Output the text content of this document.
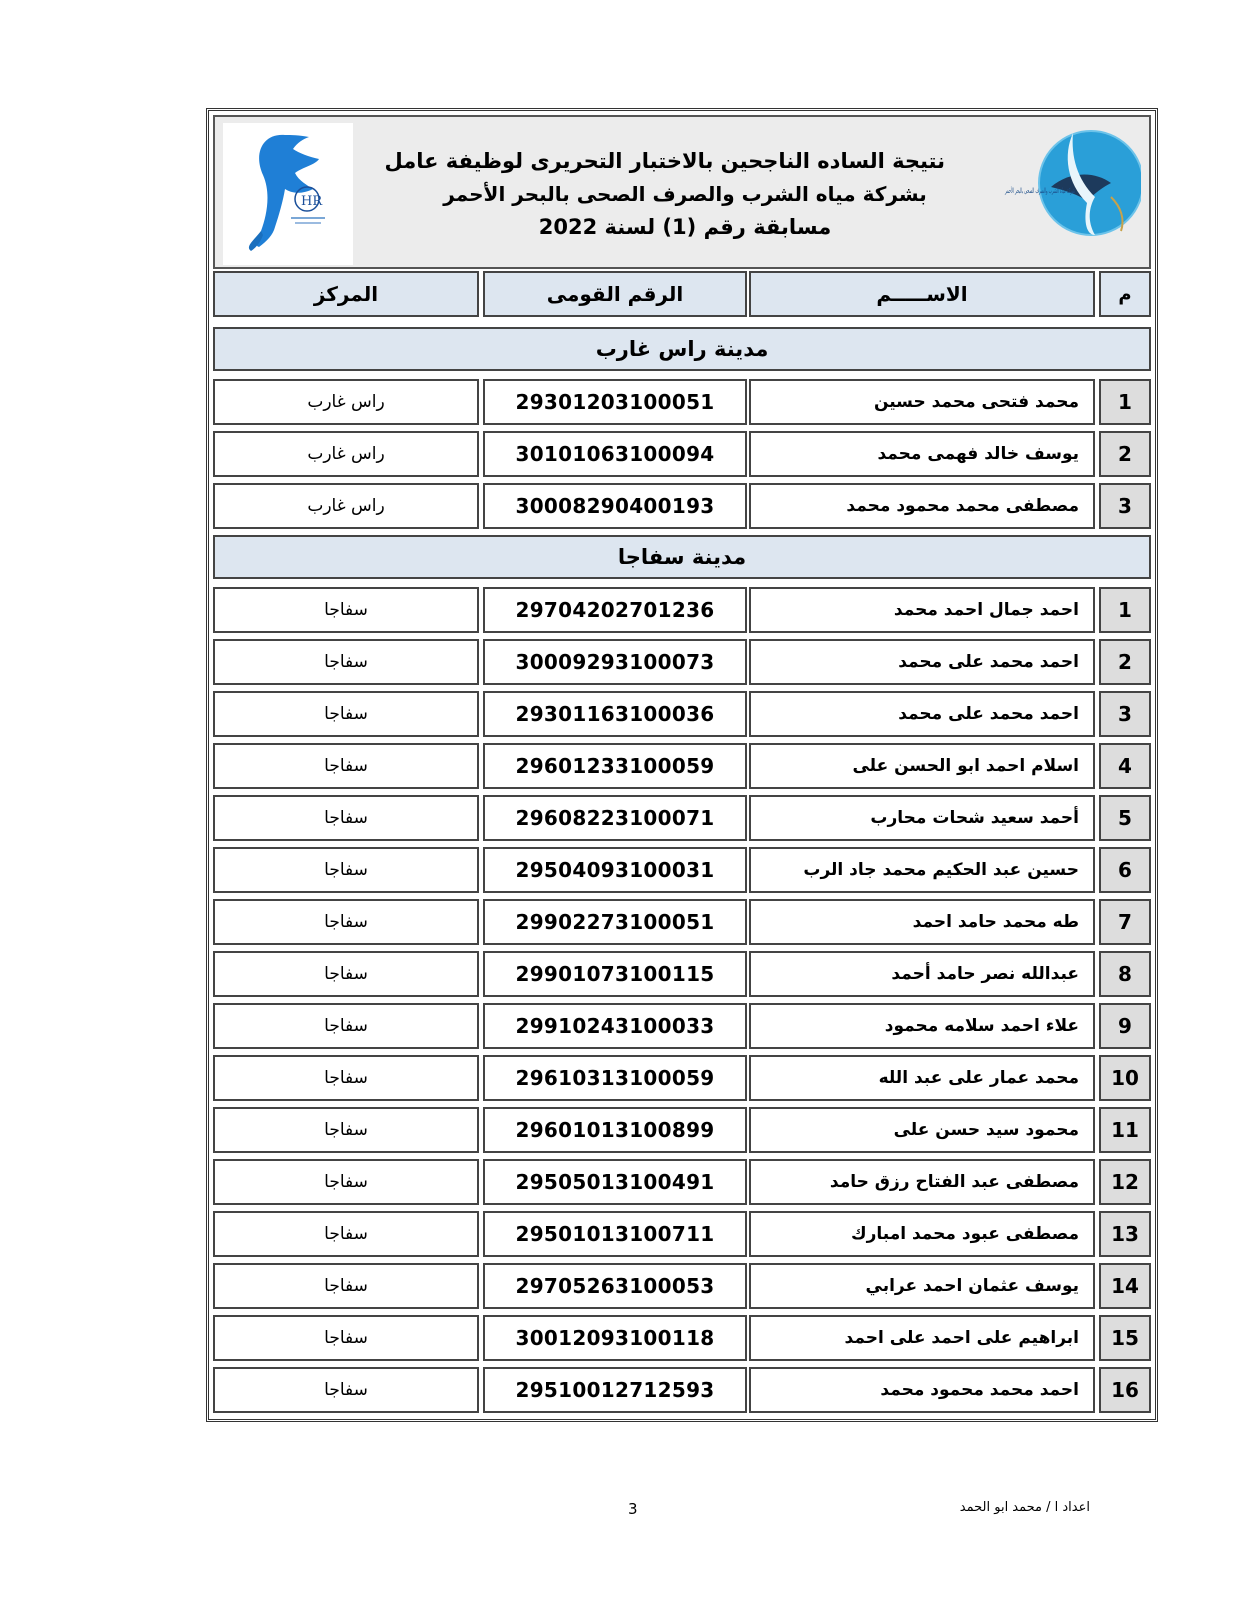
HR
نتيجة الساده الناجحين بالاختبار التحريرى لوظيفة عامل
بشركة مياه الشرب والصرف الصحى بالبحر الأحمر
مسابقة رقم (1) لسنة 2022
شركة مياه الشرب والصرف الصحى بالبحر الأحمر
المركز	الرقم القومى	الاســـــم	م
مدينة راس غارب
راس غارب	29301203100051	محمد فتحى محمد حسين	1
راس غارب	30101063100094	يوسف خالد فهمى محمد	2
راس غارب	30008290400193	مصطفى محمد محمود محمد	3
مدينة سفاجا
سفاجا	29704202701236	احمد جمال احمد محمد	1
سفاجا	30009293100073	احمد محمد على محمد	2
سفاجا	29301163100036	احمد محمد على محمد	3
سفاجا	29601233100059	اسلام احمد ابو الحسن على	4
سفاجا	29608223100071	أحمد سعيد شحات محارب	5
سفاجا	29504093100031	حسين عبد الحكيم محمد جاد الرب	6
سفاجا	29902273100051	طه محمد حامد احمد	7
سفاجا	29901073100115	عبدالله نصر حامد أحمد	8
سفاجا	29910243100033	علاء احمد سلامه محمود	9
سفاجا	29610313100059	محمد عمار على عبد الله	10
سفاجا	29601013100899	محمود سيد حسن على	11
سفاجا	29505013100491	مصطفى عبد الفتاح رزق حامد	12
سفاجا	29501013100711	مصطفى عبود محمد امبارك	13
سفاجا	29705263100053	يوسف عثمان احمد عرابي	14
سفاجا	30012093100118	ابراهيم على احمد على احمد	15
سفاجا	29510012712593	احمد محمد محمود محمد	16
اعداد ا / محمد ابو الحمد
3
